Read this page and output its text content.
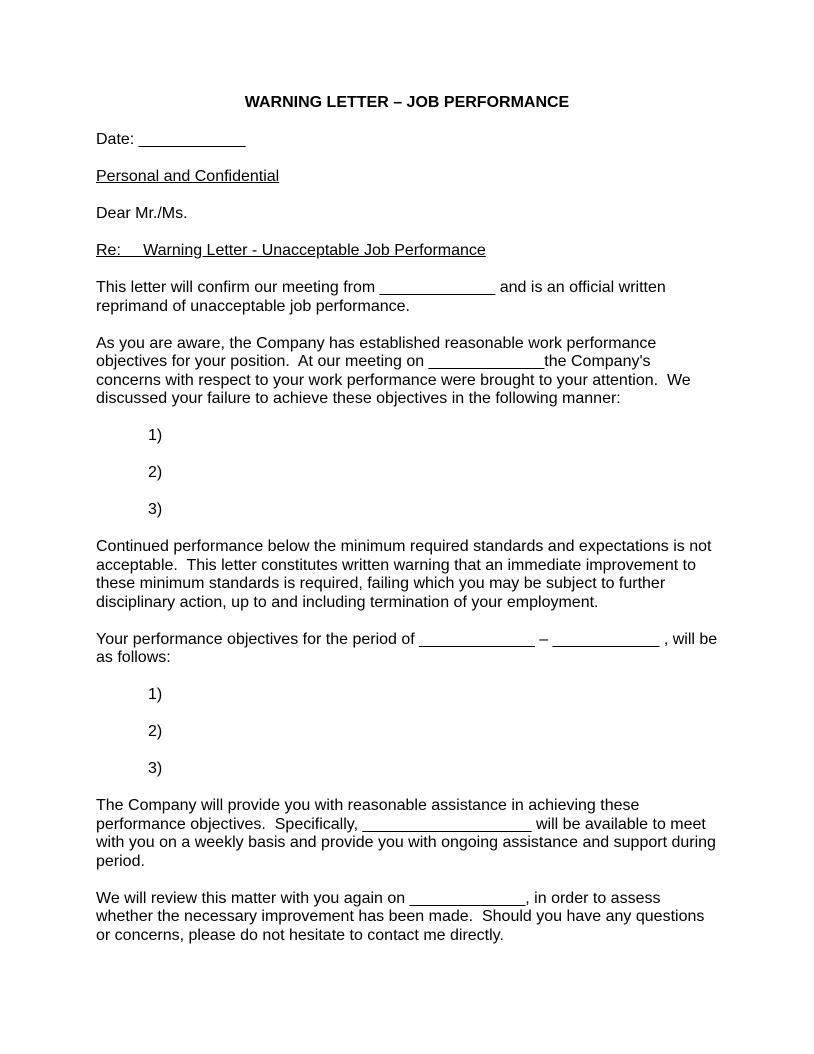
WARNING LETTER – JOB PERFORMANCE

Date: ____________

Personal and Confidential

Dear Mr./Ms.

Re:     Warning Letter - Unacceptable Job Performance

This letter will confirm our meeting from _____________ and is an official written reprimand of unacceptable job performance.

As you are aware, the Company has established reasonable work performance objectives for your position.  At our meeting on _____________the Company's concerns with respect to your work performance were brought to your attention.  We discussed your failure to achieve these objectives in the following manner:

1)

2)

3)

Continued performance below the minimum required standards and expectations is not acceptable.  This letter constitutes written warning that an immediate improvement to these minimum standards is required, failing which you may be subject to further disciplinary action, up to and including termination of your employment.

Your performance objectives for the period of _____________ – ____________ , will be as follows:

1)

2)

3)

The Company will provide you with reasonable assistance in achieving these performance objectives.  Specifically, ___________________ will be available to meet with you on a weekly basis and provide you with ongoing assistance and support during period.

We will review this matter with you again on _____________, in order to assess whether the necessary improvement has been made.  Should you have any questions or concerns, please do not hesitate to contact me directly.
